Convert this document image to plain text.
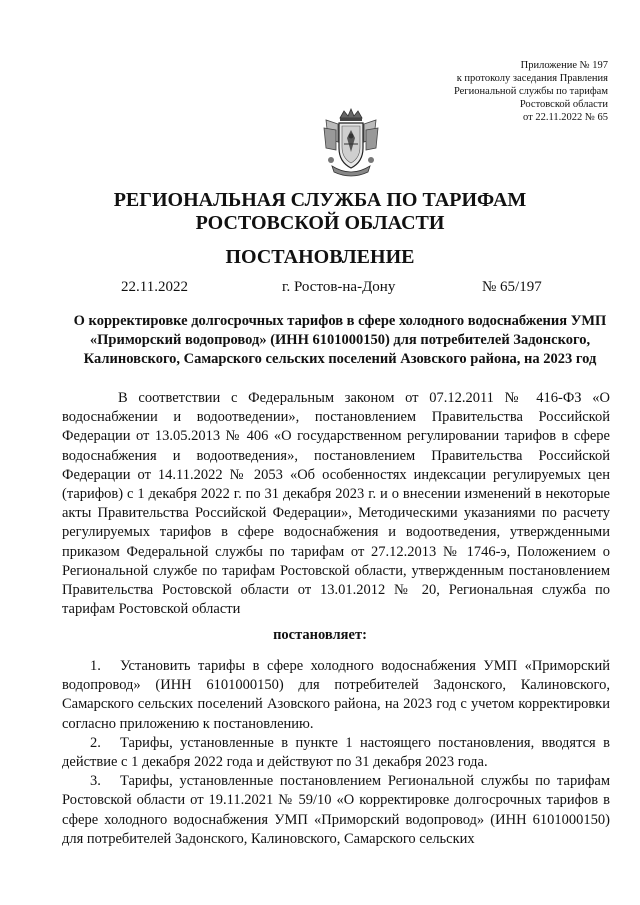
Приложение № 197
к протоколу заседания Правления
Региональной службы по тарифам
Ростовской области
от 22.11.2022 № 65
РЕГИОНАЛЬНАЯ СЛУЖБА ПО ТАРИФАМ
РОСТОВСКОЙ ОБЛАСТИ
ПОСТАНОВЛЕНИЕ
22.11.2022	г. Ростов-на-Дону	№ 65/197
О корректировке долгосрочных тарифов в сфере холодного водоснабжения УМП «Приморский водопровод» (ИНН 6101000150) для потребителей Задонского, Калиновского, Самарского сельских поселений Азовского района, на 2023 год
В соответствии с Федеральным законом от 07.12.2011 № 416-ФЗ «О водоснабжении и водоотведении», постановлением Правительства Российской Федерации от 13.05.2013 № 406 «О государственном регулировании тарифов в сфере водоснабжения и водоотведения», постановлением Правительства Российской Федерации от 14.11.2022 № 2053 «Об особенностях индексации регулируемых цен (тарифов) с 1 декабря 2022 г. по 31 декабря 2023 г. и о внесении изменений в некоторые акты Правительства Российской Федерации», Методическими указаниями по расчету регулируемых тарифов в сфере водоснабжения и водоотведения, утвержденными приказом Федеральной службы по тарифам от 27.12.2013 № 1746-э, Положением о Региональной службе по тарифам Ростовской области, утвержденным постановлением Правительства Ростовской области от 13.01.2012 № 20, Региональная служба по тарифам Ростовской области
постановляет:

1. Установить тарифы в сфере холодного водоснабжения УМП «Приморский водопровод» (ИНН 6101000150) для потребителей Задонского, Калиновского, Самарского сельских поселений Азовского района, на 2023 год с учетом корректировки согласно приложению к постановлению.

2. Тарифы, установленные в пункте 1 настоящего постановления, вводятся в действие с 1 декабря 2022 года и действуют по 31 декабря 2023 года.

3. Тарифы, установленные постановлением Региональной службы по тарифам Ростовской области от 19.11.2021 № 59/10 «О корректировке долгосрочных тарифов в сфере холодного водоснабжения УМП «Приморский водопровод» (ИНН 6101000150) для потребителей Задонского, Калиновского, Самарского сельских
